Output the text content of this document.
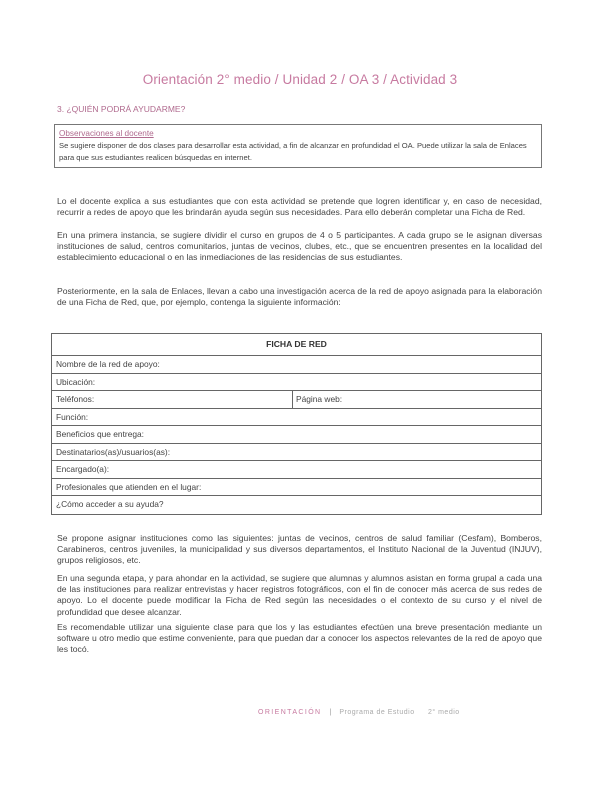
Orientación 2° medio / Unidad 2 / OA 3 / Actividad 3
3. ¿QUIÉN PODRÁ AYUDARME?
Observaciones al docente
Se sugiere disponer de dos clases para desarrollar esta actividad, a fin de alcanzar en profundidad el OA. Puede utilizar la sala de Enlaces para que sus estudiantes realicen búsquedas en internet.
Lo el docente explica a sus estudiantes que con esta actividad se pretende que logren identificar y, en caso de necesidad, recurrir a redes de apoyo que les brindarán ayuda según sus necesidades. Para ello deberán completar una Ficha de Red.
En una primera instancia, se sugiere dividir el curso en grupos de 4 o 5 participantes. A cada grupo se le asignan diversas instituciones de salud, centros comunitarios, juntas de vecinos, clubes, etc., que se encuentren presentes en la localidad del establecimiento educacional o en las inmediaciones de las residencias de sus estudiantes.
Posteriormente, en la sala de Enlaces, llevan a cabo una investigación acerca de la red de apoyo asignada para la elaboración de una Ficha de Red, que, por ejemplo, contenga la siguiente información:
FICHA DE RED
Nombre de la red de apoyo:
Ubicación:
Teléfonos:	Página web:
Función:
Beneficios que entrega:
Destinatarios(as)/usuarios(as):
Encargado(a):
Profesionales que atienden en el lugar:
¿Cómo acceder a su ayuda?
Se propone asignar instituciones como las siguientes: juntas de vecinos, centros de salud familiar (Cesfam), Bomberos, Carabineros, centros juveniles, la municipalidad y sus diversos departamentos, el Instituto Nacional de la Juventud (INJUV), grupos religiosos, etc.
En una segunda etapa, y para ahondar en la actividad, se sugiere que alumnas y alumnos asistan en forma grupal a cada una de las instituciones para realizar entrevistas y hacer registros fotográficos, con el fin de conocer más acerca de sus redes de apoyo. Lo el docente puede modificar la Ficha de Red según las necesidades o el contexto de su curso y el nivel de profundidad que desee alcanzar.
Es recomendable utilizar una siguiente clase para que los y las estudiantes efectúen una breve presentación mediante un software u otro medio que estime conveniente, para que puedan dar a conocer los aspectos relevantes de la red de apoyo que les tocó.
ORIENTACIÓN | Programa de Estudio 2° medio
